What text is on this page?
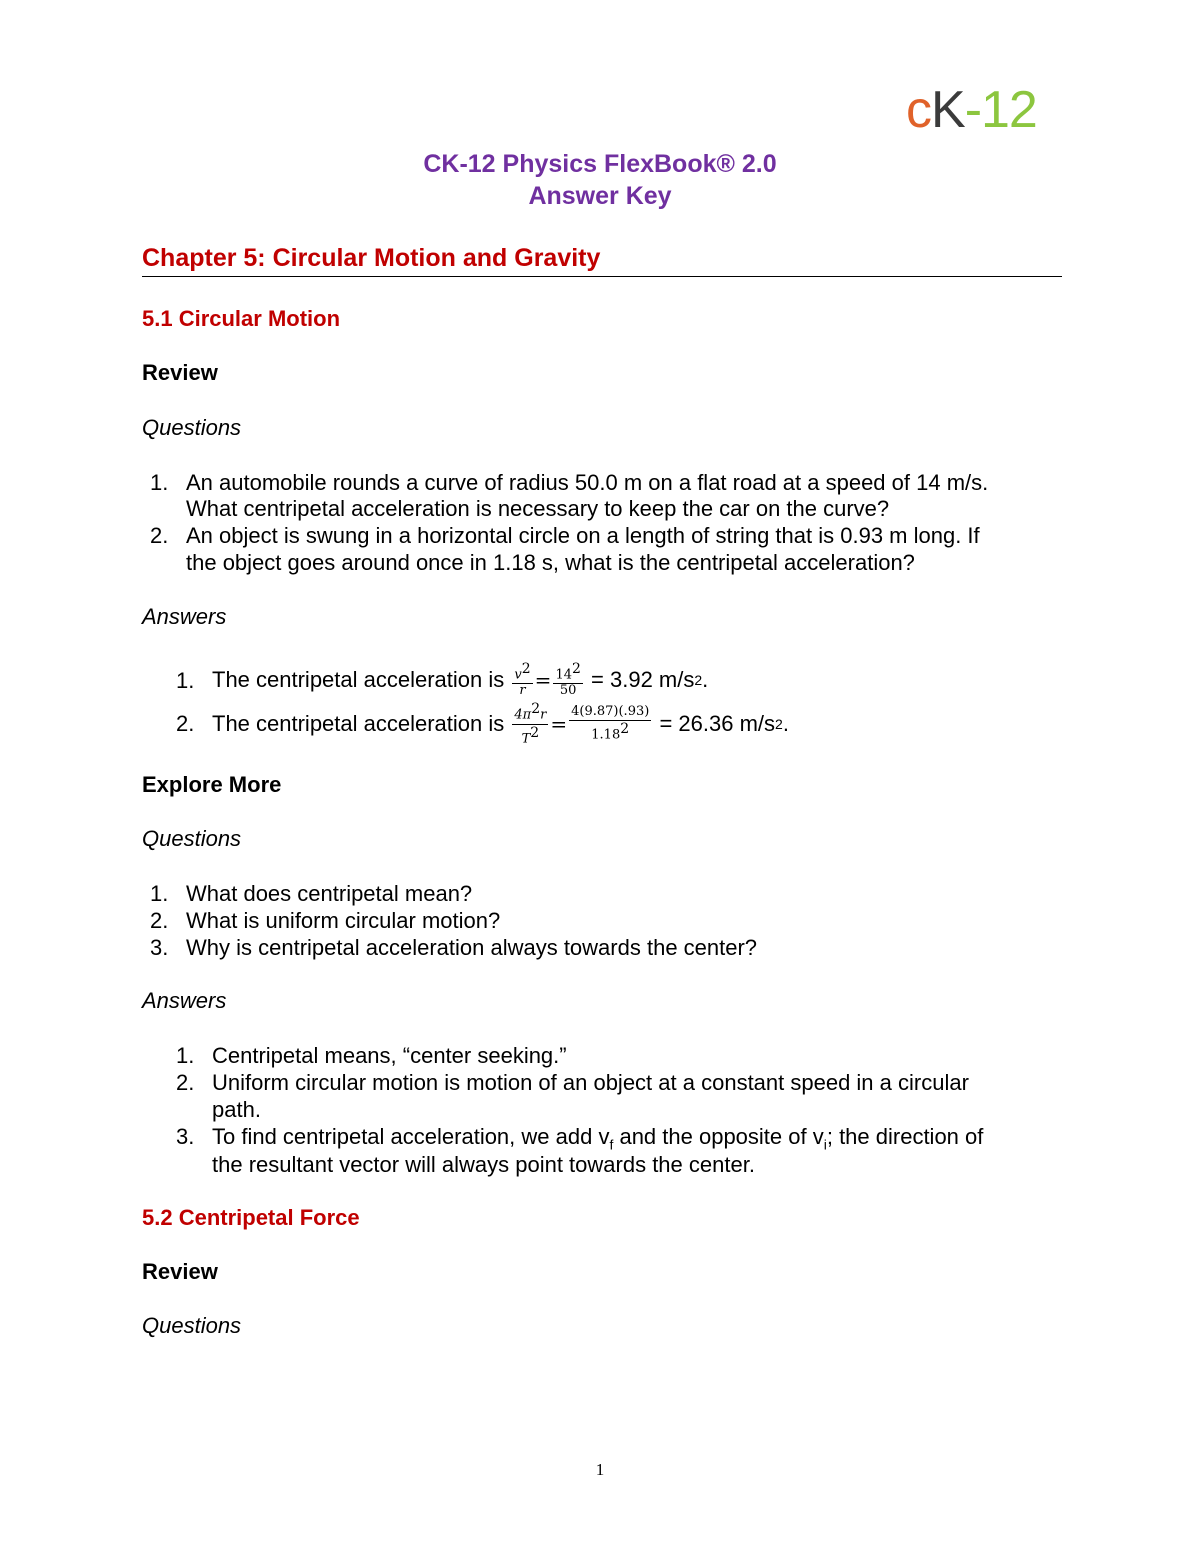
cK-12
CK-12 Physics FlexBook® 2.0
Answer Key
Chapter 5: Circular Motion and Gravity
5.1 Circular Motion
Review
Questions
1. An automobile rounds a curve of radius 50.0 m on a flat road at a speed of 14 m/s.
What centripetal acceleration is necessary to keep the car on the curve?
2. An object is swung in a horizontal circle on a length of string that is 0.93 m long. If
the object goes around once in 1.18 s, what is the centripetal acceleration?
Answers
1. The centripetal acceleration is
$\frac{v^2}{r} = \frac{14^2}{50}$
= 3.92 m/s 2 .
2. The centripetal acceleration is
$\frac{4\pi^2r}{T^2} = \frac{4(9.87)(.93)}{1.18^2}$
= 26.36 m/s 2 .
Explore More
Questions
1. What does centripetal mean?
2. What is uniform circular motion?
3. Why is centripetal acceleration always towards the center?
Answers
1. Centripetal means, “center seeking.”
2. Uniform circular motion is motion of an object at a constant speed in a circular
path.
3. To find centripetal acceleration, we add $v_f$ and the opposite of $v_i$; the direction of
the resultant vector will always point towards the center.
5.2 Centripetal Force
Review
Questions
1
